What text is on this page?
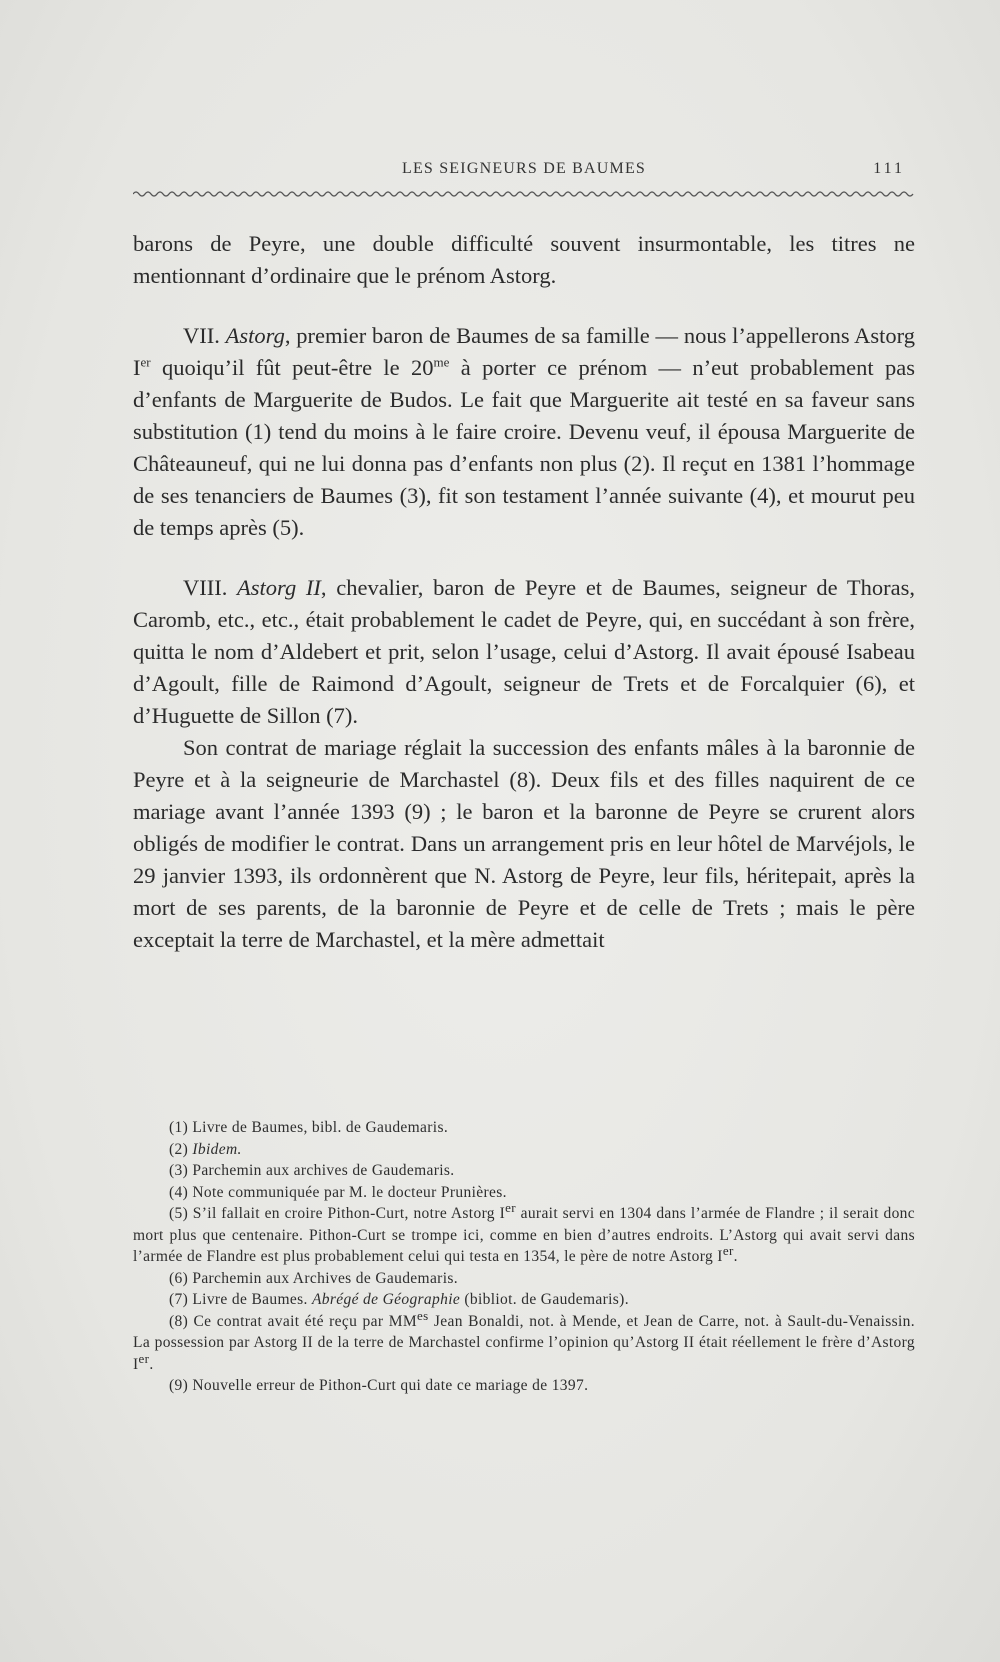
LES SEIGNEURS DE BAUMES	111

barons de Peyre, une double difficulté souvent insurmontable, les titres ne mentionnant d’ordinaire que le prénom Astorg.

VII. Astorg, premier baron de Baumes de sa famille — nous l’appellerons Astorg Ier quoiqu’il fût peut-être le $20^{me}$ à porter ce prénom — n’eut probablement pas d’enfants de Marguerite de Budos. Le fait que Marguerite ait testé en sa faveur sans substitution (1) tend du moins à le faire croire. Devenu veuf, il épousa Marguerite de Châteauneuf, qui ne lui donna pas d’enfants non plus (2). Il reçut en 1381 l’hommage de ses tenanciers de Baumes (3), fit son testament l’année suivante (4), et mourut peu de temps après (5).

VIII. Astorg II, chevalier, baron de Peyre et de Baumes, seigneur de Thoras, Caromb, etc., etc., était probablement le cadet de Peyre, qui, en succédant à son frère, quitta le nom d’Aldebert et prit, selon l’usage, celui d’Astorg. Il avait épousé Isabeau d’Agoult, fille de Raimond d’Agoult, seigneur de Trets et de Forcalquier (6), et d’Huguette de Sillon (7).

Son contrat de mariage réglait la succession des enfants mâles à la baronnie de Peyre et à la seigneurie de Marchastel (8). Deux fils et des filles naquirent de ce mariage avant l’année 1393 (9) ; le baron et la baronne de Peyre se crurent alors obligés de modifier le contrat. Dans un arrangement pris en leur hôtel de Marvéjols, le 29 janvier 1393, ils ordonnèrent que N. Astorg de Peyre, leur fils, héritерait, après la mort de ses parents, de la baronnie de Peyre et de celle de Trets ; mais le père exceptait la terre de Marchastel, et la mère admettait

(1) Livre de Baumes, bibl. de Gaudemaris.

(2) Ibidem.

(3) Parchemin aux archives de Gaudemaris.

(4) Note communiquée par M. le docteur Prunières.

(5) S’il fallait en croire Pithon-Curt, notre Astorg Ier aurait servi en 1304 dans l’armée de Flandre ; il serait donc mort plus que centenaire. Pithon-Curt se trompe ici, comme en bien d’autres endroits. L’Astorg qui avait servi dans l’armée de Flandre est plus probablement celui qui testa en 1354, le père de notre Astorg Ier.

(6) Parchemin aux Archives de Gaudemaris.

(7) Livre de Baumes. Abrégé de Géographie (bibliot. de Gaudemaris).

(8) Ce contrat avait été reçu par $MM^{es}$ Jean Bonaldi, not. à Mende, et Jean de Carre, not. à Sault-du-Venaissin. La possession par Astorg II de la terre de Marchastel confirme l’opinion qu’Astorg II était réellement le frère d’Astorg Ier.

(9) Nouvelle erreur de Pithon-Curt qui date ce mariage de 1397.
